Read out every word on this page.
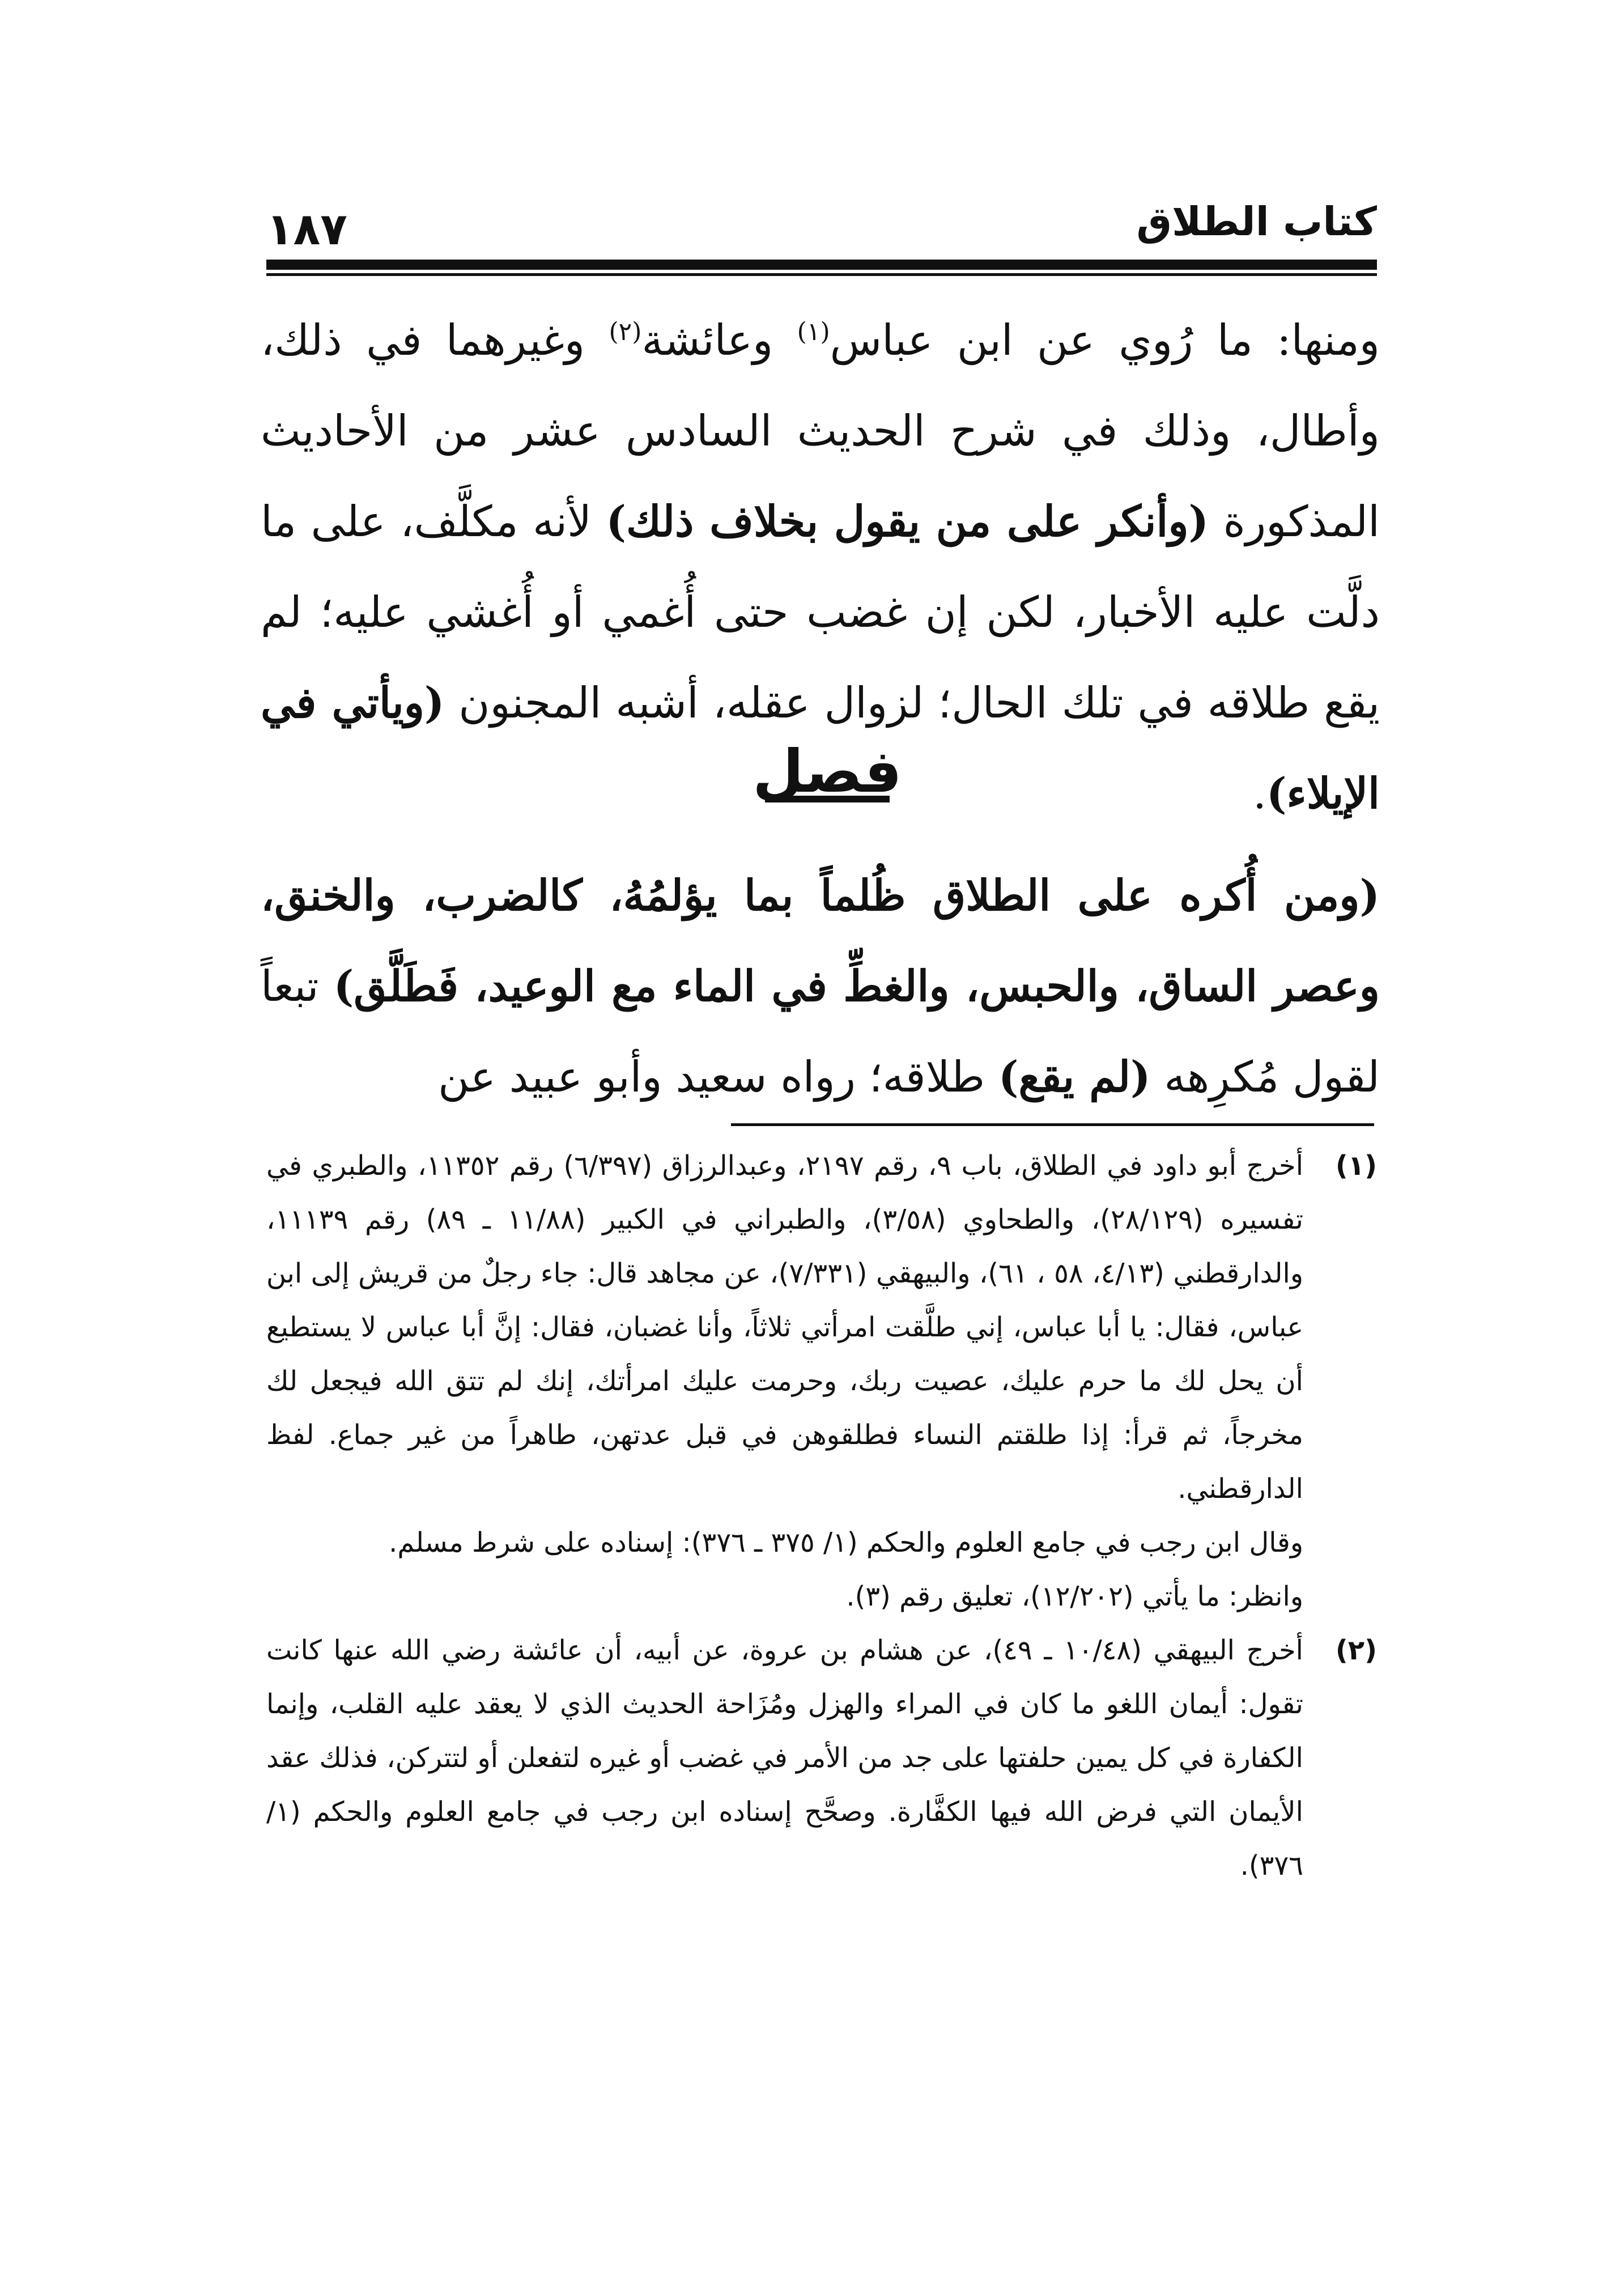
١٨٧	كتاب الطلاق

ومنها: ما رُوي عن ابن عباس$^{(١)}$ وعائشة$^{(٢)}$ وغيرهما في ذلك، وأطال، وذلك في شرح الحديث السادس عشر من الأحاديث المذكورة (وأنكر على من يقول بخلاف ذلك) لأنه مكلَّف، على ما دلَّت عليه الأخبار، لكن إن غضب حتى أُغمي أو أُغشي عليه؛ لم يقع طلاقه في تلك الحال؛ لزوال عقله، أشبه المجنون (ويأتي في الإيلاء).

فصل

(ومن أُكره على الطلاق ظُلماً بما يؤلمُهُ، كالضرب، والخنق، وعصر الساق، والحبس، والغطِّ في الماء مع الوعيد، فَطَلَّق) تبعاً لقول مُكرِهه (لم يقع) طلاقه؛ رواه سعيد وأبو عبيد عن

(١)

أخرج أبو داود في الطلاق، باب ٩، رقم ٢١٩٧، وعبدالرزاق (٦/٣٩٧) رقم ١١٣٥٢، والطبري في تفسيره (٢٨/١٢٩)، والطحاوي (٣/٥٨)، والطبراني في الكبير (١١/٨٨ ـ ٨٩) رقم ١١١٣٩، والدارقطني (٤/١٣، ٥٨ ، ٦١)، والبيهقي (٧/٣٣١)، عن مجاهد قال: جاء رجلٌ من قريش إلى ابن عباس، فقال: يا أبا عباس، إني طلَّقت امرأتي ثلاثاً، وأنا غضبان، فقال: إنَّ أبا عباس لا يستطيع أن يحل لك ما حرم عليك، عصيت ربك، وحرمت عليك امرأتك، إنك لم تتق الله فيجعل لك مخرجاً، ثم قرأ: إذا طلقتم النساء فطلقوهن في قبل عدتهن، طاهراً من غير جماع. لفظ الدارقطني.

وقال ابن رجب في جامع العلوم والحكم (١/ ٣٧٥ ـ ٣٧٦): إسناده على شرط مسلم.

وانظر: ما يأتي (١٢/٢٠٢)، تعليق رقم (٣).

(٢)

أخرج البيهقي (١٠/٤٨ ـ ٤٩)، عن هشام بن عروة، عن أبيه، أن عائشة رضي الله عنها كانت تقول: أيمان اللغو ما كان في المراء والهزل ومُزَاحة الحديث الذي لا يعقد عليه القلب، وإنما الكفارة في كل يمين حلفتها على جد من الأمر في غضب أو غيره لتفعلن أو لتتركن، فذلك عقد الأيمان التي فرض الله فيها الكفَّارة. وصحَّح إسناده ابن رجب في جامع العلوم والحكم (١/ ٣٧٦).
